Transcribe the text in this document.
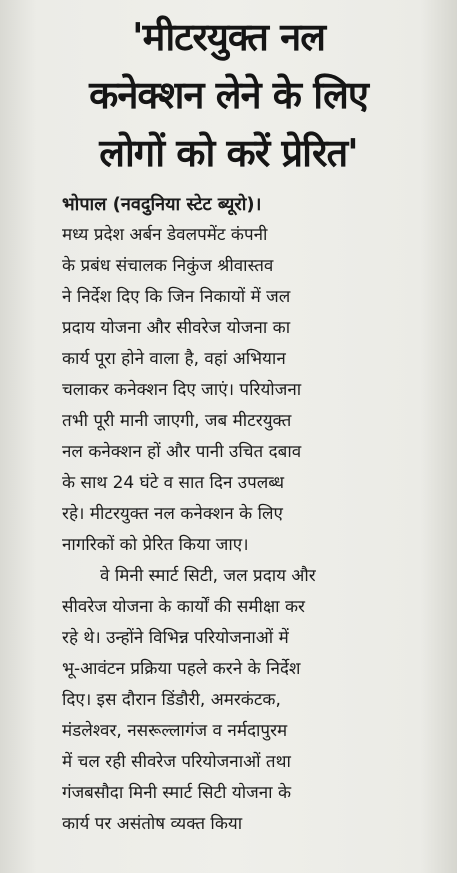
'मीटरयुक्त नल
कनेक्शन लेने के लिए
लोगों को करें प्रेरित'
भोपाल (नवदुनिया स्टेट ब्यूरो)।
मध्य प्रदेश अर्बन डेवलपमेंट कंपनी
के प्रबंध संचालक निकुंज श्रीवास्तव
ने निर्देश दिए कि जिन निकायों में जल
प्रदाय योजना और सीवरेज योजना का
कार्य पूरा होने वाला है, वहां अभियान
चलाकर कनेक्शन दिए जाएं। परियोजना
तभी पूरी मानी जाएगी, जब मीटरयुक्त
नल कनेक्शन हों और पानी उचित दबाव
के साथ 24 घंटे व सात दिन उपलब्ध
रहे। मीटरयुक्त नल कनेक्शन के लिए
नागरिकों को प्रेरित किया जाए।
वे मिनी स्मार्ट सिटी, जल प्रदाय और
सीवरेज योजना के कार्यों की समीक्षा कर
रहे थे। उन्होंने विभिन्न परियोजनाओं में
भू-आवंटन प्रक्रिया पहले करने के निर्देश
दिए। इस दौरान डिंडौरी, अमरकंटक,
मंडलेश्वर, नसरूल्लागंज व नर्मदापुरम
में चल रही सीवरेज परियोजनाओं तथा
गंजबसौदा मिनी स्मार्ट सिटी योजना के
कार्य पर असंतोष व्यक्त किया
